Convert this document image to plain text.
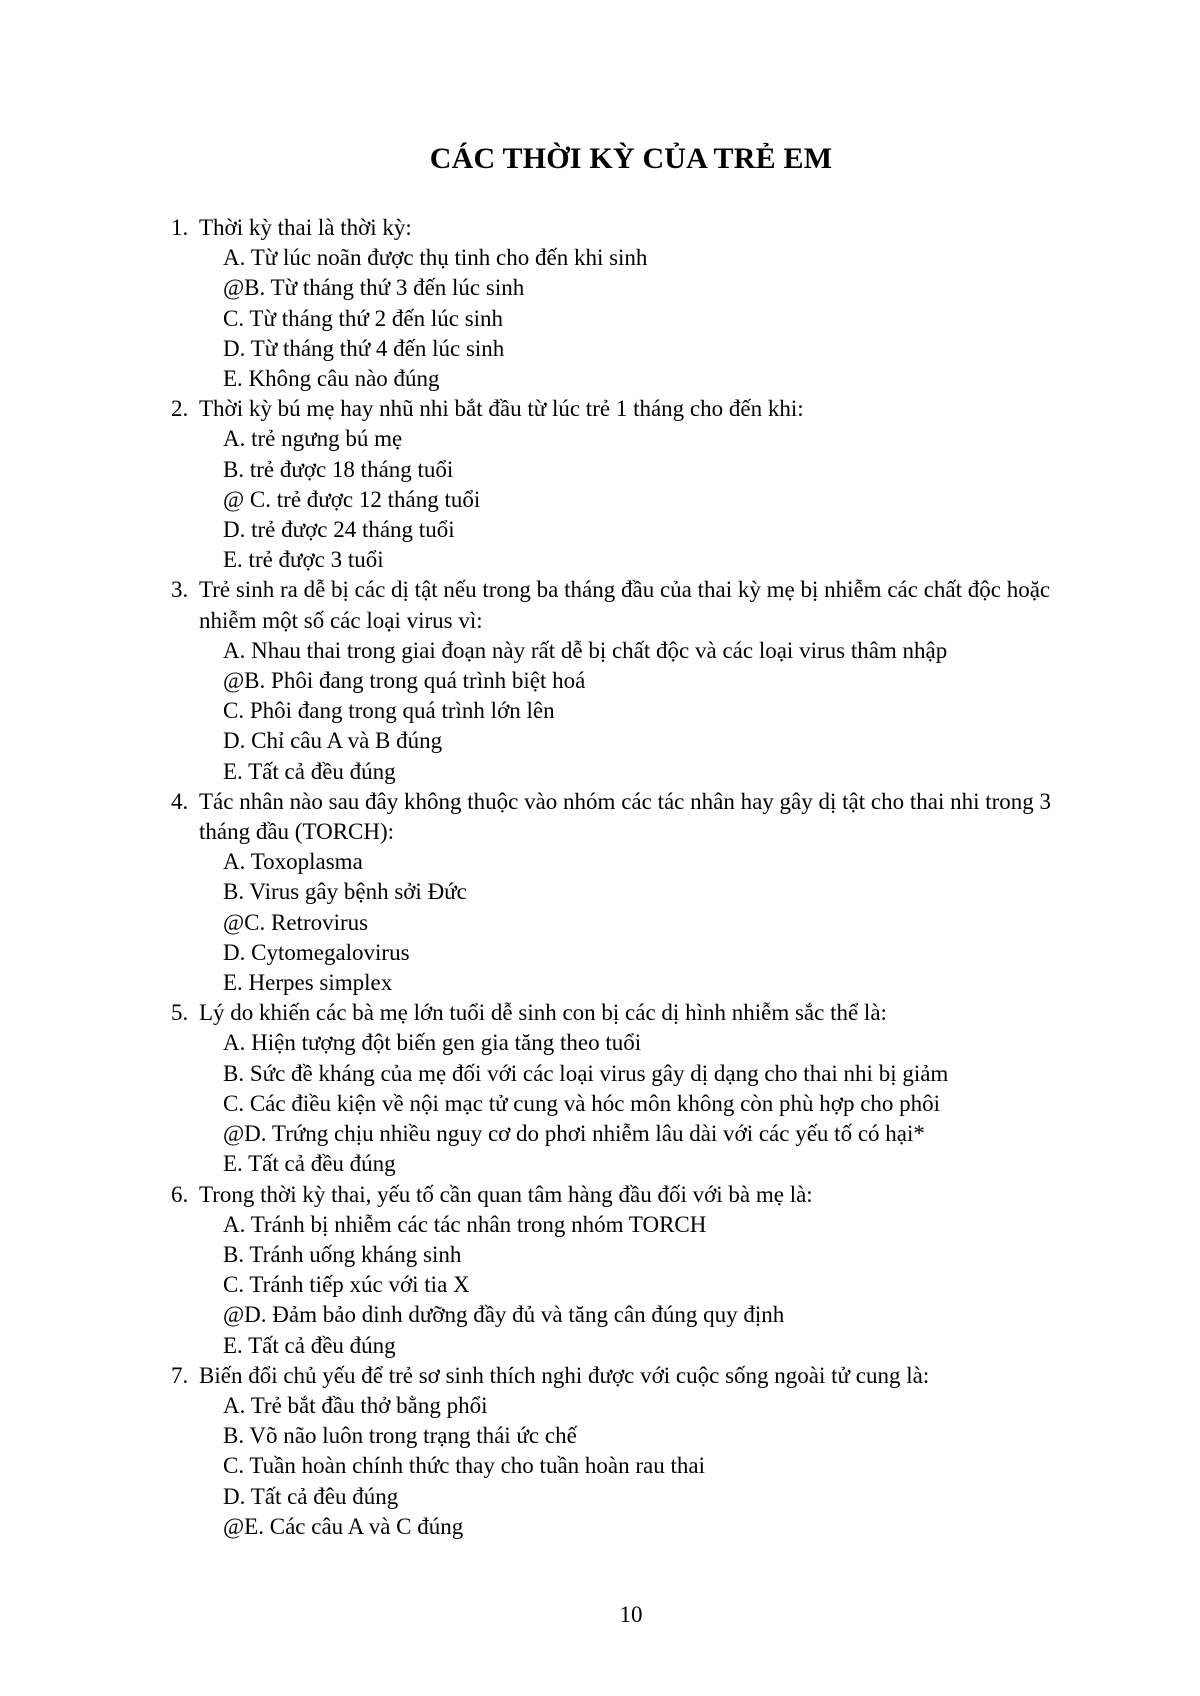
CÁC THỜI KỲ CỦA TRẺ EM
1. Thời kỳ thai là thời kỳ:
A. Từ lúc noãn được thụ tinh cho đến khi sinh
@B. Từ tháng thứ 3 đến lúc sinh
C. Từ tháng thứ 2 đến lúc sinh
D. Từ tháng thứ 4 đến lúc sinh
E. Không câu nào đúng
2. Thời kỳ bú mẹ hay nhũ nhi bắt đầu từ lúc trẻ 1 tháng cho đến khi:
A. trẻ ngưng bú mẹ
B. trẻ được 18 tháng tuổi
@ C. trẻ được 12 tháng tuổi
D. trẻ được 24 tháng tuổi
E. trẻ được 3 tuổi
3. Trẻ sinh ra dễ bị các dị tật nếu trong ba tháng đầu của thai kỳ mẹ bị nhiễm các chất độc hoặc nhiễm một số các loại virus vì:
A. Nhau thai trong giai đoạn này rất dễ bị chất độc và các loại virus thâm nhập
@B. Phôi đang trong quá trình biệt hoá
C. Phôi đang trong quá trình lớn lên
D. Chỉ câu A và B đúng
E. Tất cả đều đúng
4. Tác nhân nào sau đây không thuộc vào nhóm các tác nhân hay gây dị tật cho thai nhi trong 3 tháng đầu (TORCH):
A. Toxoplasma
B. Virus gây bệnh sởi Đức
@C. Retrovirus
D. Cytomegalovirus
E. Herpes simplex
5. Lý do khiến các bà mẹ lớn tuổi dễ sinh con bị các dị hình nhiễm sắc thể là:
A. Hiện tượng đột biến gen gia tăng theo tuổi
B. Sức đề kháng của mẹ đối với các loại virus gây dị dạng cho thai nhi bị giảm
C. Các điều kiện về nội mạc tử cung và hóc môn không còn phù hợp cho phôi
@D. Trứng chịu nhiều nguy cơ do phơi nhiễm lâu dài với các yếu tố có hại*
E. Tất cả đều đúng
6. Trong thời kỳ thai, yếu tố cần quan tâm hàng đầu đối với bà mẹ là:
A. Tránh bị nhiễm các tác nhân trong nhóm TORCH
B. Tránh uống kháng sinh
C. Tránh tiếp xúc với tia X
@D. Đảm bảo dinh dưỡng đầy đủ và tăng cân đúng quy định
E. Tất cả đều đúng
7. Biến đổi chủ yếu để trẻ sơ sinh thích nghi được với cuộc sống ngoài tử cung là:
A. Trẻ bắt đầu thở bằng phổi
B. Võ não luôn trong trạng thái ức chế
C. Tuần hoàn chính thức thay cho tuần hoàn rau thai
D. Tất cả đêu đúng
@E. Các câu A và C đúng
10
